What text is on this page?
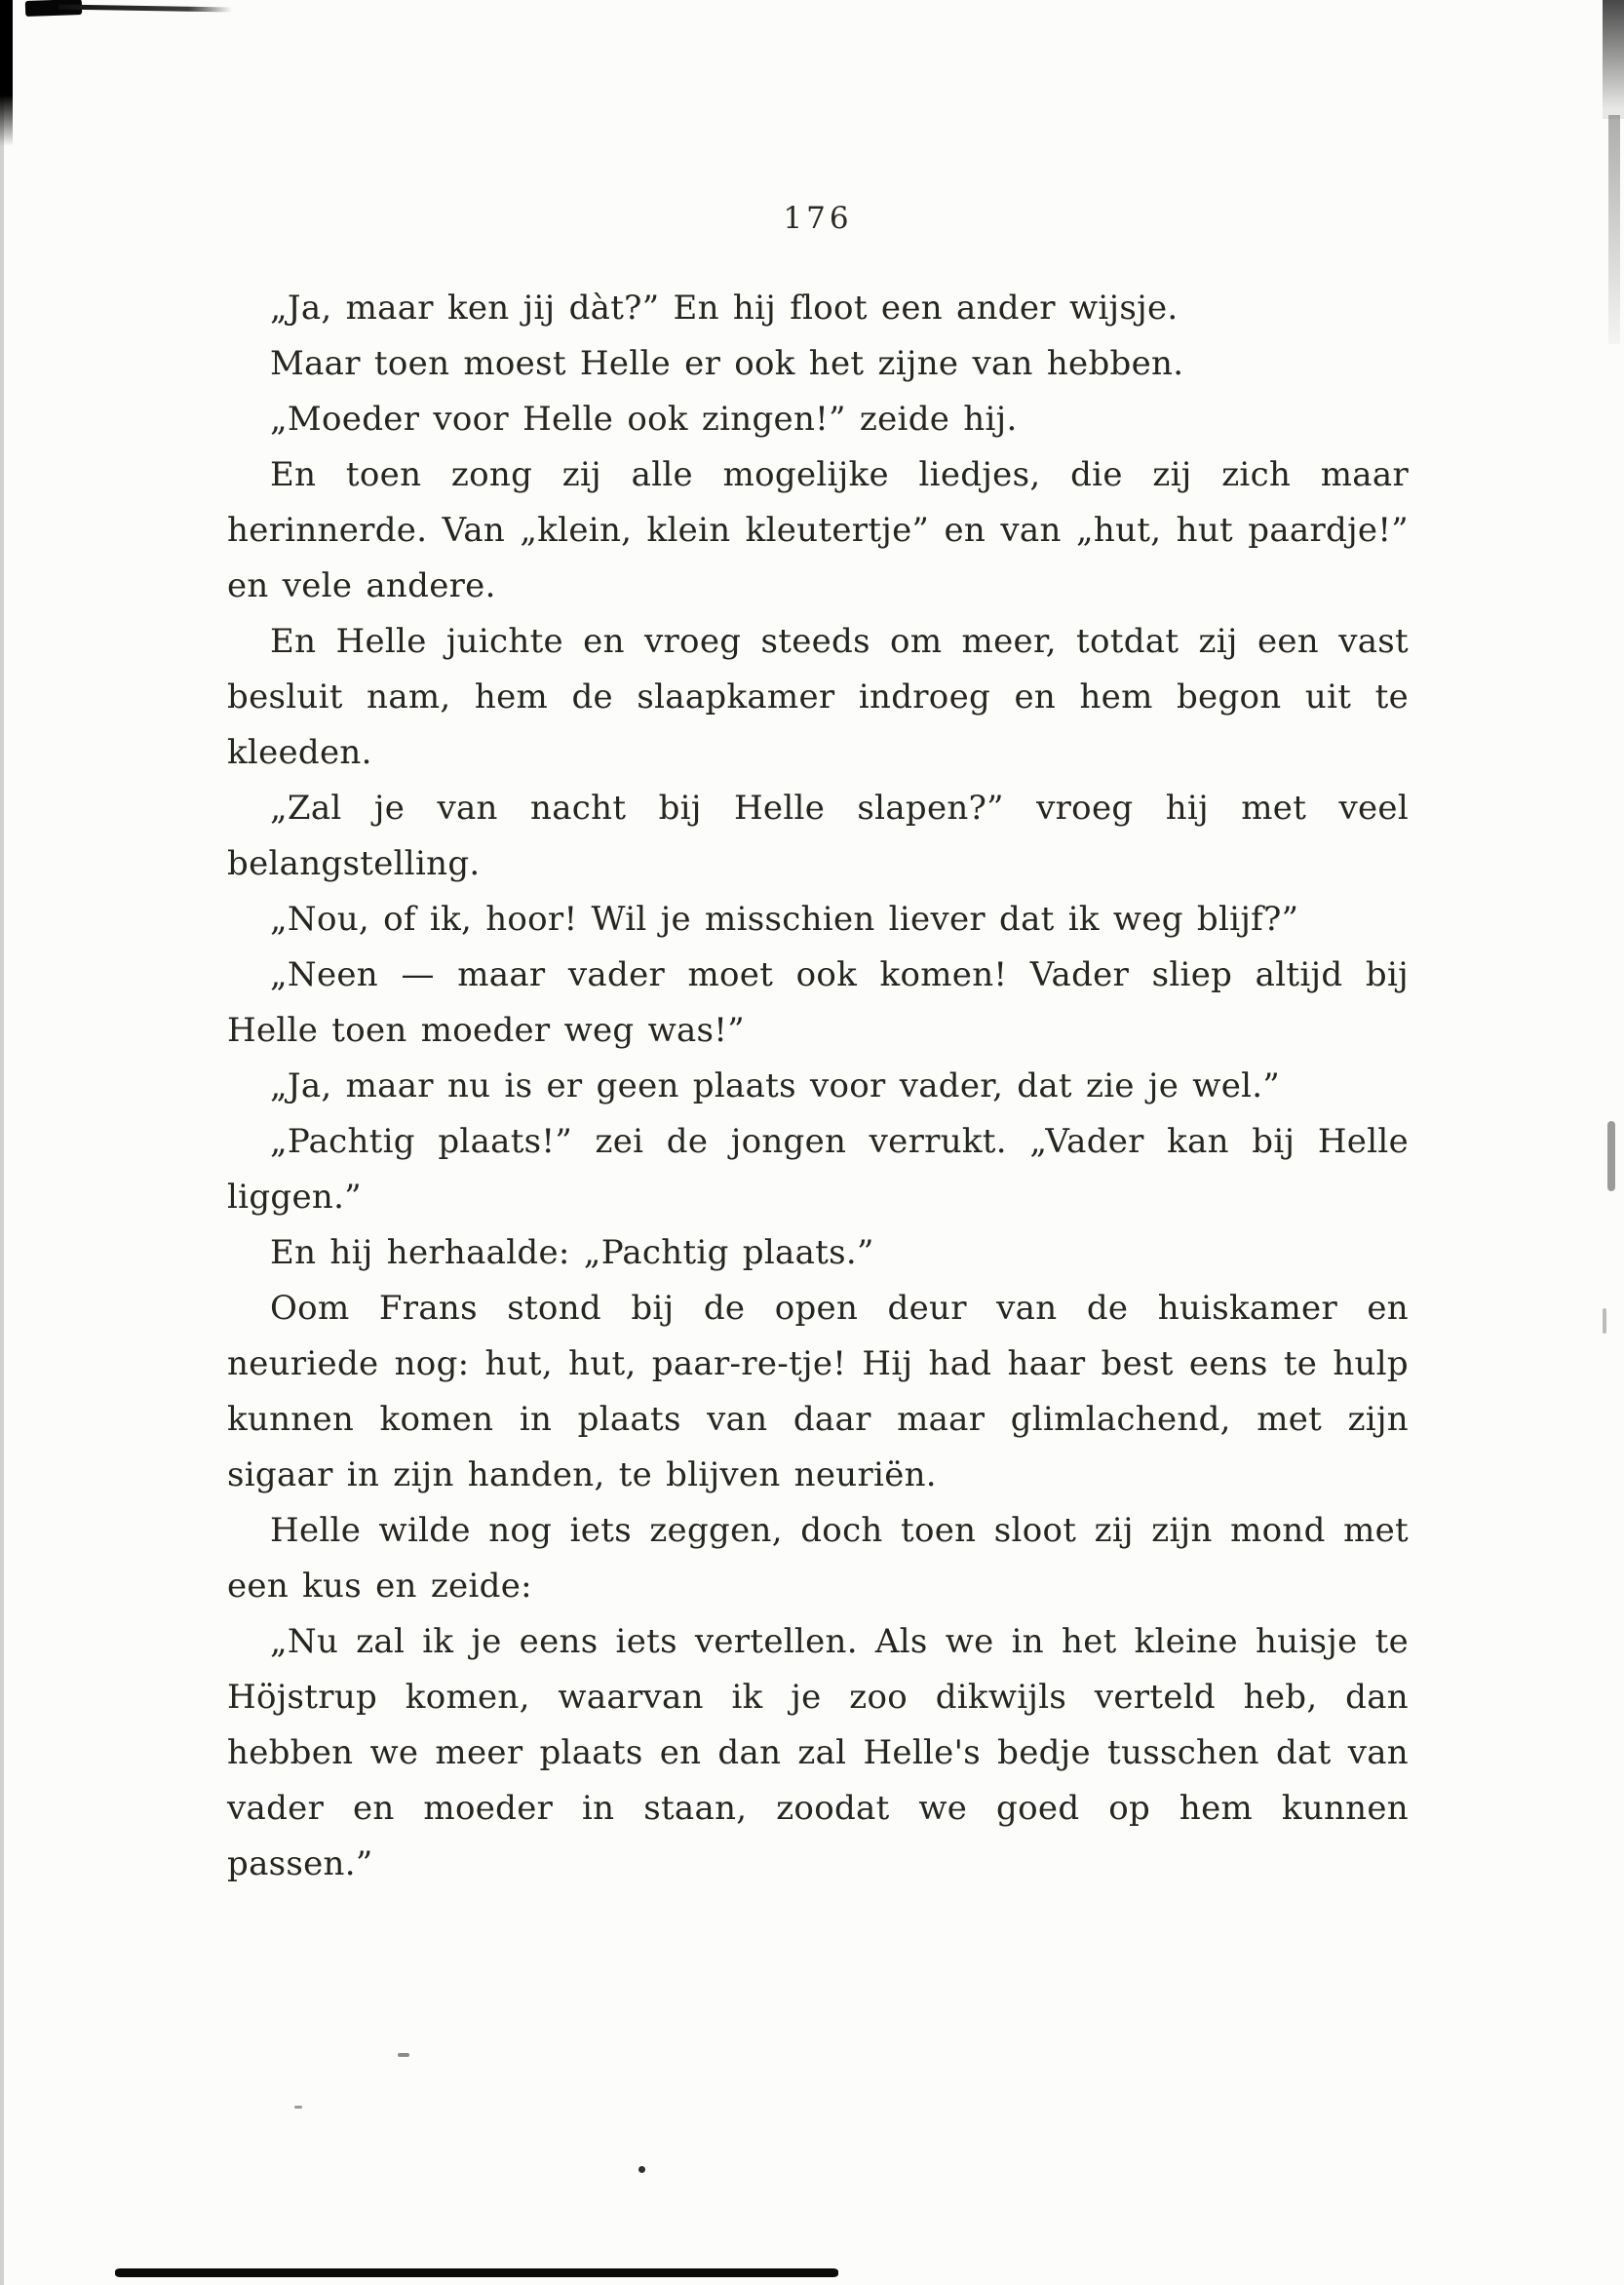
176

„Ja, maar ken jij dàt?” En hij floot een ander wijsje.

Maar toen moest Helle er ook het zijne van hebben.

„Moeder voor Helle ook zingen!” zeide hij.

En toen zong zij alle mogelijke liedjes, die zij zich maar herinnerde. Van „klein, klein kleutertje” en van „hut, hut paardje!” en vele andere.

En Helle juichte en vroeg steeds om meer, totdat zij een vast besluit nam, hem de slaapkamer indroeg en hem begon uit te kleeden.

„Zal je van nacht bij Helle slapen?” vroeg hij met veel belangstelling.

„Nou, of ik, hoor! Wil je misschien liever dat ik weg blijf?”

„Neen — maar vader moet ook komen! Vader sliep altijd bij Helle toen moeder weg was!”

„Ja, maar nu is er geen plaats voor vader, dat zie je wel.”

„Pachtig plaats!” zei de jongen verrukt. „Vader kan bij Helle liggen.”

En hij herhaalde: „Pachtig plaats.”

Oom Frans stond bij de open deur van de huiskamer en neuriede nog: hut, hut, paar-re-tje! Hij had haar best eens te hulp kunnen komen in plaats van daar maar glimlachend, met zijn sigaar in zijn handen, te blijven neuriën.

Helle wilde nog iets zeggen, doch toen sloot zij zijn mond met een kus en zeide:

„Nu zal ik je eens iets vertellen. Als we in het kleine huisje te Höjstrup komen, waarvan ik je zoo dikwijls verteld heb, dan hebben we meer plaats en dan zal Helle's bedje tusschen dat van vader en moeder in staan, zoodat we goed op hem kunnen passen.”
